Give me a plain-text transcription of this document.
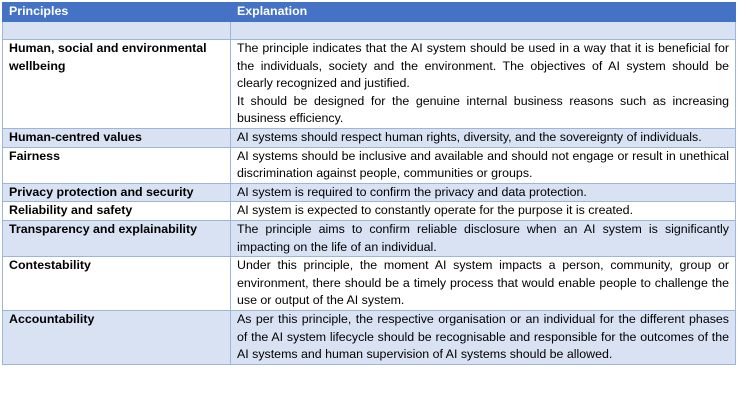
Principles	Explanation

Human, social and environmental wellbeing	The principle indicates that the AI system should be used in a way that it is beneficial for the individuals, society and the environment. The objectives of AI system should be clearly recognized and justified.
It should be designed for the genuine internal business reasons such as increasing business efficiency.

Human-centred values	AI systems should respect human rights, diversity, and the sovereignty of individuals.

Fairness	AI systems should be inclusive and available and should not engage or result in unethical discrimination against people, communities or groups.

Privacy protection and security	AI system is required to confirm the privacy and data protection.

Reliability and safety	AI system is expected to constantly operate for the purpose it is created.

Transparency and explainability	The principle aims to confirm reliable disclosure when an AI system is significantly impacting on the life of an individual.

Contestability	Under this principle, the moment AI system impacts a person, community, group or environment, there should be a timely process that would enable people to challenge the use or output of the AI system.

Accountability	As per this principle, the respective organisation or an individual for the different phases of the AI system lifecycle should be recognisable and responsible for the outcomes of the AI systems and human supervision of AI systems should be allowed.
